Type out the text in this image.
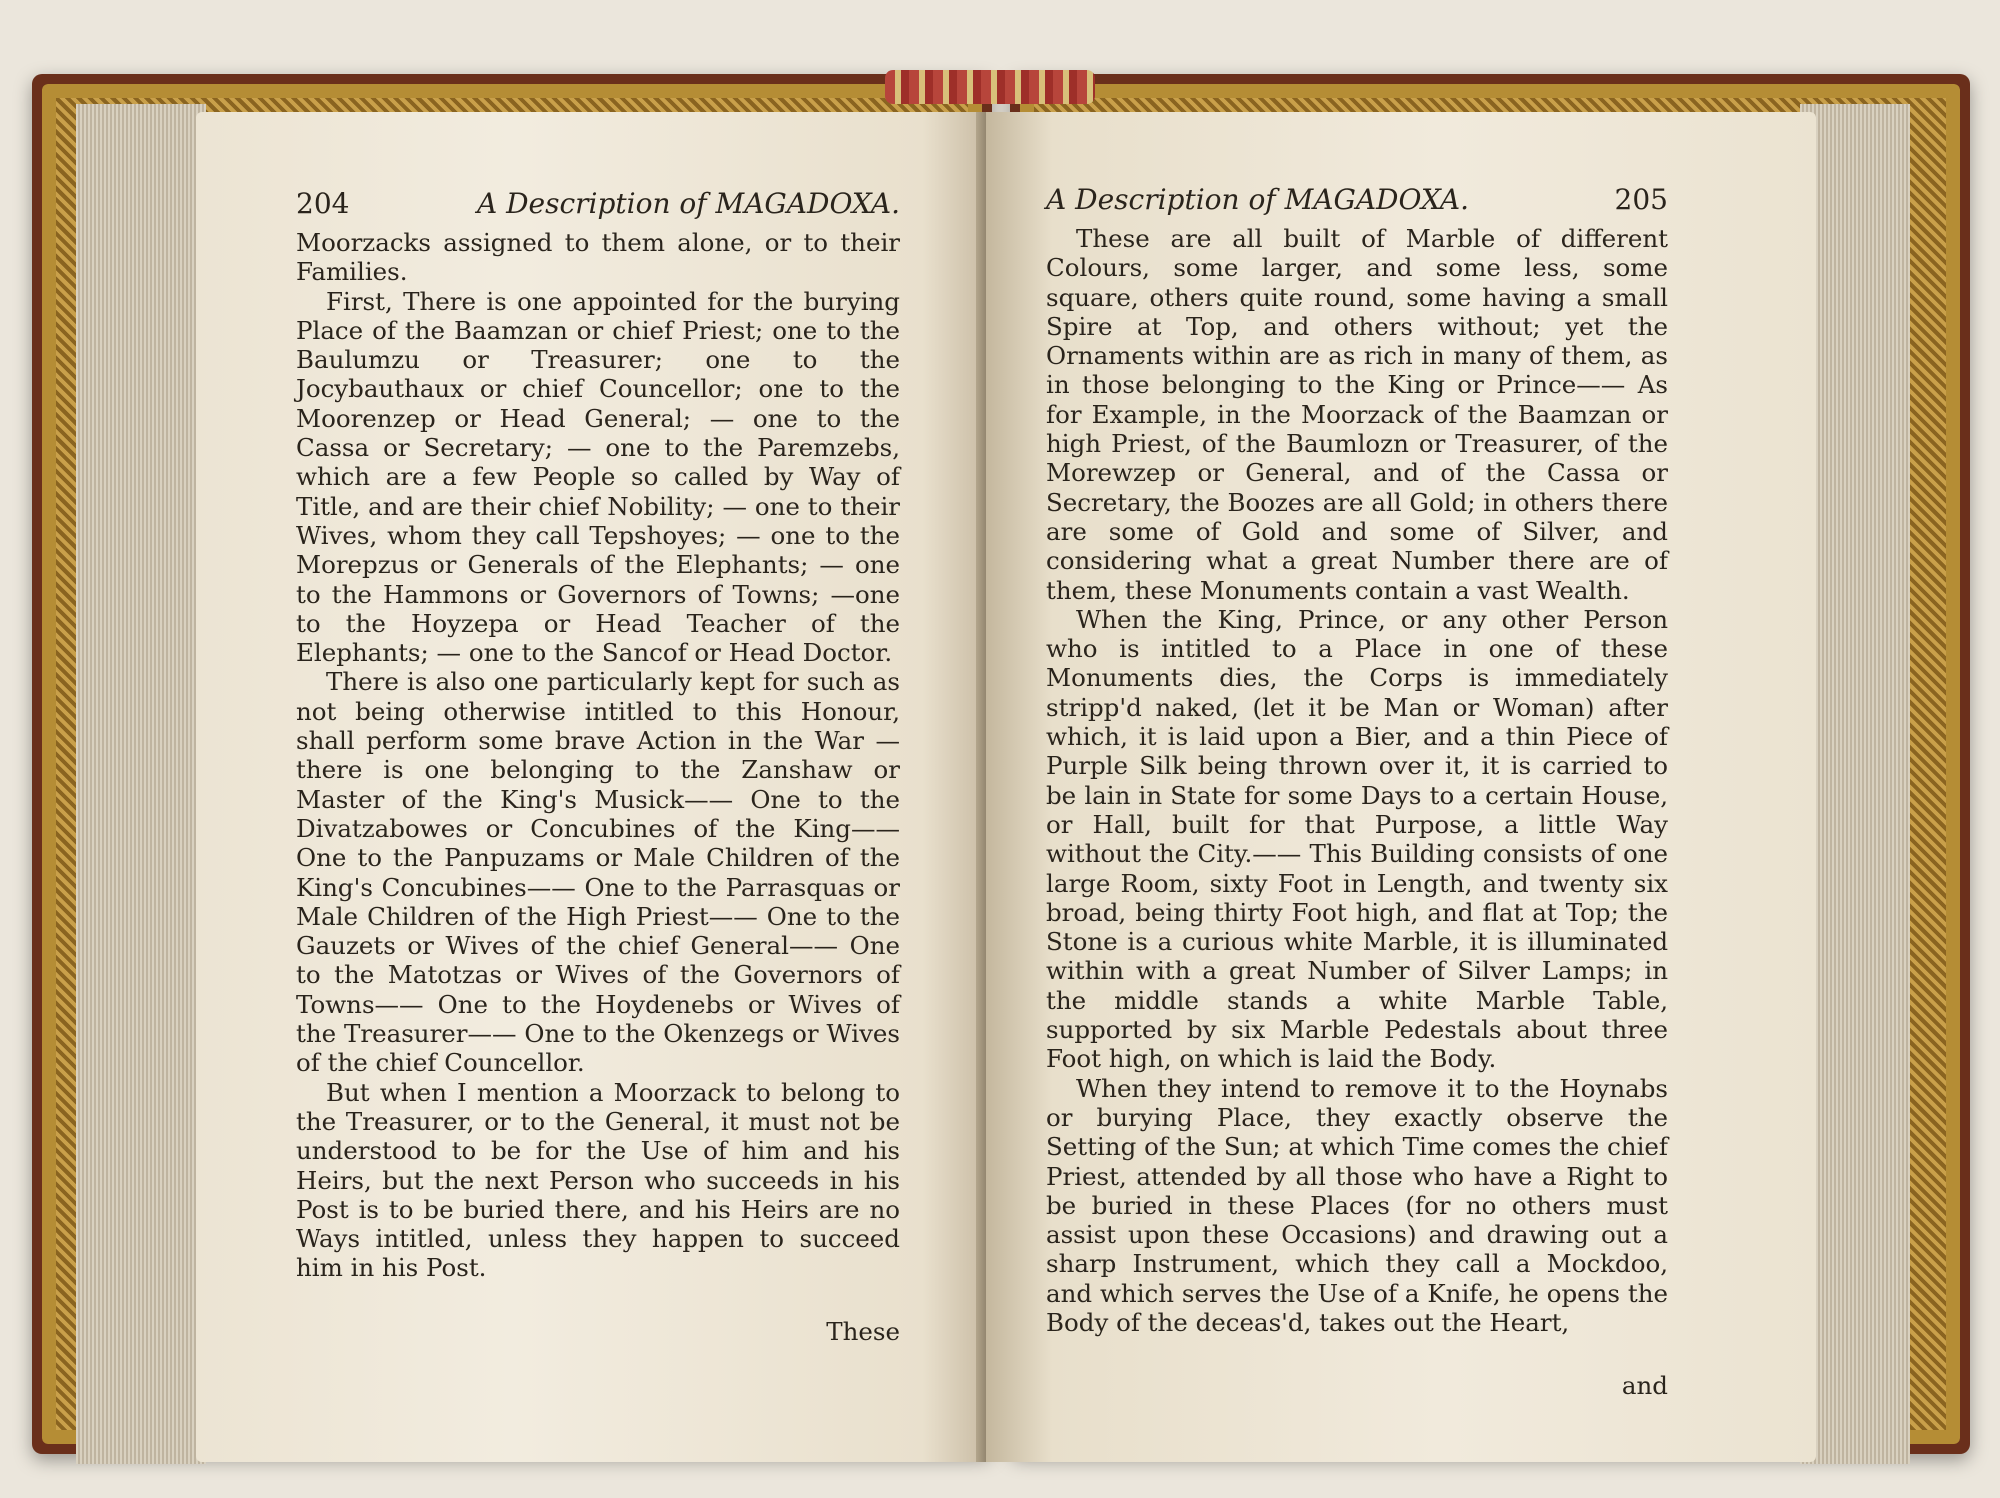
204	A Description of MAGADOXA.

Moorzacks assigned to them alone, or to their Families.

First, There is one appointed for the burying Place of the Baamzan or chief Priest; one to the Baulumzu or Treasurer; one to the Jocybauthaux or chief Councellor; one to the Moorenzep or Head General; — one to the Cassa or Secretary; — one to the Paremzebs, which are a few People so called by Way of Title, and are their chief Nobility; — one to their Wives, whom they call Tepshoyes; — one to the Morepzus or Generals of the Elephants; — one to the Hammons or Governors of Towns; —one to the Hoyzepa or Head Teacher of the Elephants; — one to the Sancof or Head Doctor.

There is also one particularly kept for such as not being otherwise intitled to this Honour, shall perform some brave Action in the War — there is one belonging to the Zanshaw or Master of the King's Musick—— One to the Divatzabowes or Concubines of the King—— One to the Panpuzams or Male Children of the King's Concubines—— One to the Parrasquas or Male Children of the High Priest—— One to the Gauzets or Wives of the chief General—— One to the Matotzas or Wives of the Governors of Towns—— One to the Hoydenebs or Wives of the Treasurer—— One to the Okenzegs or Wives of the chief Councellor.

But when I mention a Moorzack to belong to the Treasurer, or to the General, it must not be understood to be for the Use of him and his Heirs, but the next Person who succeeds in his Post is to be buried there, and his Heirs are no Ways intitled, unless they happen to succeed him in his Post.

These
A Description of MAGADOXA.	205

These are all built of Marble of different Colours, some larger, and some less, some square, others quite round, some having a small Spire at Top, and others without; yet the Ornaments within are as rich in many of them, as in those belonging to the King or Prince—— As for Example, in the Moorzack of the Baamzan or high Priest, of the Baumlozn or Treasurer, of the Morewzep or General, and of the Cassa or Secretary, the Boozes are all Gold; in others there are some of Gold and some of Silver, and considering what a great Number there are of them, these Monuments contain a vast Wealth.

When the King, Prince, or any other Person who is intitled to a Place in one of these Monuments dies, the Corps is immediately stripp'd naked, (let it be Man or Woman) after which, it is laid upon a Bier, and a thin Piece of Purple Silk being thrown over it, it is carried to be lain in State for some Days to a certain House, or Hall, built for that Purpose, a little Way without the City.—— This Building consists of one large Room, sixty Foot in Length, and twenty six broad, being thirty Foot high, and flat at Top; the Stone is a curious white Marble, it is illuminated within with a great Number of Silver Lamps; in the middle stands a white Marble Table, supported by six Marble Pedestals about three Foot high, on which is laid the Body.

When they intend to remove it to the Hoynabs or burying Place, they exactly observe the Setting of the Sun; at which Time comes the chief Priest, attended by all those who have a Right to be buried in these Places (for no others must assist upon these Occasions) and drawing out a sharp Instrument, which they call a Mockdoo, and which serves the Use of a Knife, he opens the Body of the deceas'd, takes out the Heart,

and
